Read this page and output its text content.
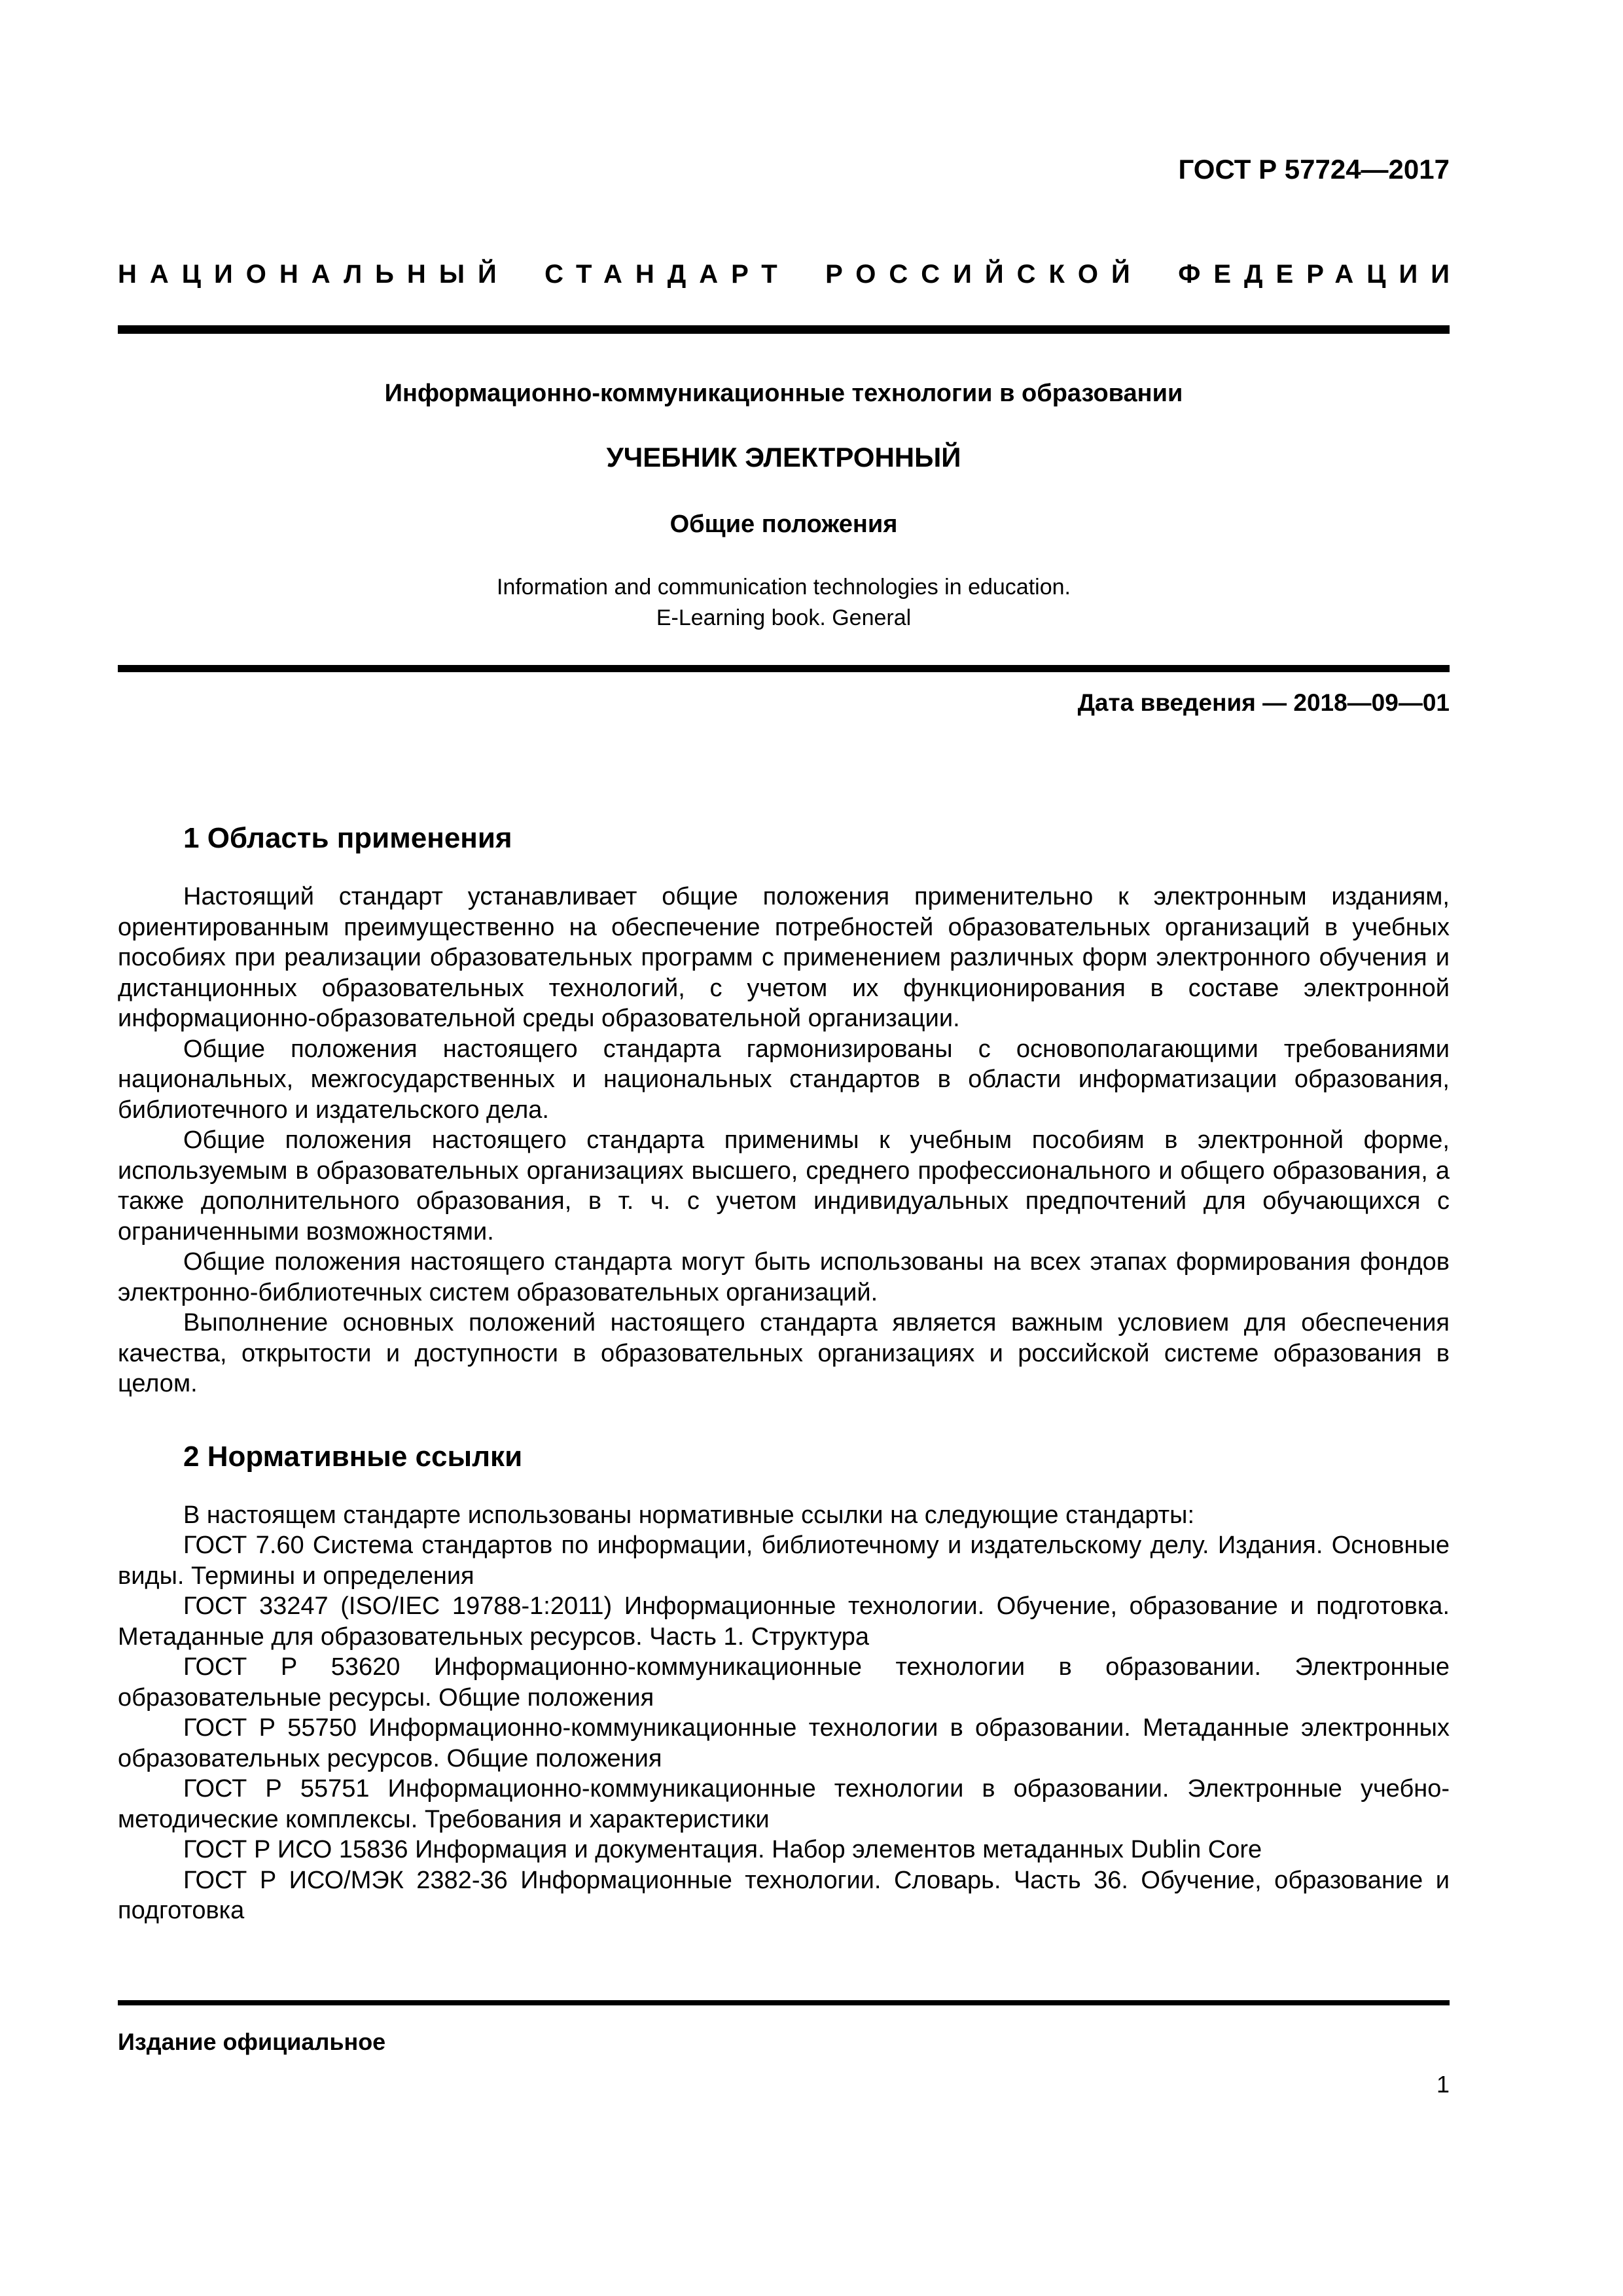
ГОСТ Р 57724—2017
НАЦИОНАЛЬНЫЙ СТАНДАРТ РОССИЙСКОЙ ФЕДЕРАЦИИ
Информационно-коммуникационные технологии в образовании
УЧЕБНИК ЭЛЕКТРОННЫЙ
Общие положения
Information and communication technologies in education.
E-Learning book. General
Дата введения — 2018—09—01
1 Область применения

Настоящий стандарт устанавливает общие положения применительно к электронным изданиям, ориентированным преимущественно на обеспечение потребностей образовательных организаций в учебных пособиях при реализации образовательных программ с применением различных форм электронного обучения и дистанционных образовательных технологий, с учетом их функционирования в составе электронной информационно-образовательной среды образовательной организации.

Общие положения настоящего стандарта гармонизированы с основополагающими требованиями национальных, межгосударственных и национальных стандартов в области информатизации образования, библиотечного и издательского дела.

Общие положения настоящего стандарта применимы к учебным пособиям в электронной форме, используемым в образовательных организациях высшего, среднего профессионального и общего образования, а также дополнительного образования, в т. ч. с учетом индивидуальных предпочтений для обучающихся с ограниченными возможностями.

Общие положения настоящего стандарта могут быть использованы на всех этапах формирования фондов электронно-библиотечных систем образовательных организаций.

Выполнение основных положений настоящего стандарта является важным условием для обеспечения качества, открытости и доступности в образовательных организациях и российской системе образования в целом.

2 Нормативные ссылки

В настоящем стандарте использованы нормативные ссылки на следующие стандарты:

ГОСТ 7.60 Система стандартов по информации, библиотечному и издательскому делу. Издания. Основные виды. Термины и определения

ГОСТ 33247 (ISO/IEC 19788-1:2011) Информационные технологии. Обучение, образование и подготовка. Метаданные для образовательных ресурсов. Часть 1. Структура

ГОСТ Р 53620 Информационно-коммуникационные технологии в образовании. Электронные образовательные ресурсы. Общие положения

ГОСТ Р 55750 Информационно-коммуникационные технологии в образовании. Метаданные электронных образовательных ресурсов. Общие положения

ГОСТ Р 55751 Информационно-коммуникационные технологии в образовании. Электронные учебно-методические комплексы. Требования и характеристики

ГОСТ Р ИСО 15836 Информация и документация. Набор элементов метаданных Dublin Core

ГОСТ Р ИСО/МЭК 2382-36 Информационные технологии. Словарь. Часть 36. Обучение, образование и подготовка

Издание официальное
1
